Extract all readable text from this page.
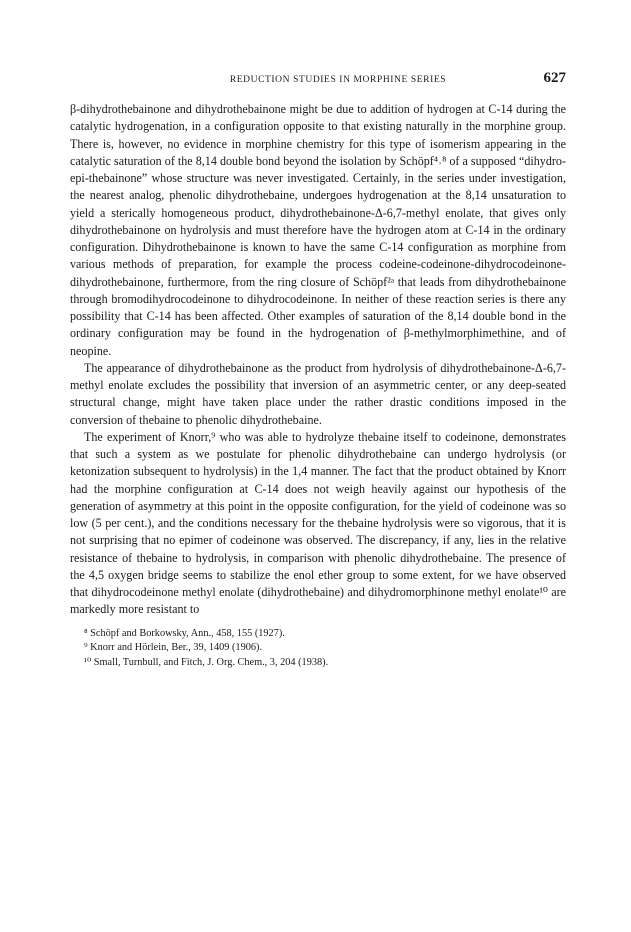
REDUCTION STUDIES IN MORPHINE SERIES	627

β-dihydrothebainone and dihydrothebainone might be due to addition of hydrogen at C-14 during the catalytic hydrogenation, in a configuration opposite to that existing naturally in the morphine group. There is, however, no evidence in morphine chemistry for this type of isomerism appearing in the catalytic saturation of the 8,14 double bond beyond the isolation by Schöpf⁴˒⁸ of a supposed “dihydro-epi-thebainone” whose structure was never investigated. Certainly, in the series under investigation, the nearest analog, phenolic dihydrothebaine, undergoes hydrogenation at the 8,14 unsaturation to yield a sterically homogeneous product, dihydrothebainone-Δ-6,7-methyl enolate, that gives only dihydrothebainone on hydrolysis and must therefore have the hydrogen atom at C-14 in the ordinary configuration. Dihydrothebainone is known to have the same C-14 configuration as morphine from various methods of preparation, for example the process codeine-codeinone-dihydrocodeinone-dihydrothebainone, furthermore, from the ring closure of Schöpf²ᵃ that leads from dihydrothebainone through bromodihydrocodeinone to dihydrocodeinone. In neither of these reaction series is there any possibility that C-14 has been affected. Other examples of saturation of the 8,14 double bond in the ordinary configuration may be found in the hydrogenation of β-methylmorphimethine, and of neopine.

The appearance of dihydrothebainone as the product from hydrolysis of dihydrothebainone-Δ-6,7-methyl enolate excludes the possibility that inversion of an asymmetric center, or any deep-seated structural change, might have taken place under the rather drastic conditions imposed in the conversion of thebaine to phenolic dihydrothebaine.

The experiment of Knorr,⁹ who was able to hydrolyze thebaine itself to codeinone, demonstrates that such a system as we postulate for phenolic dihydrothebaine can undergo hydrolysis (or ketonization subsequent to hydrolysis) in the 1,4 manner. The fact that the product obtained by Knorr had the morphine configuration at C-14 does not weigh heavily against our hypothesis of the generation of asymmetry at this point in the opposite configuration, for the yield of codeinone was so low (5 per cent.), and the conditions necessary for the thebaine hydrolysis were so vigorous, that it is not surprising that no epimer of codeinone was observed. The discrepancy, if any, lies in the relative resistance of thebaine to hydrolysis, in comparison with phenolic dihydrothebaine. The presence of the 4,5 oxygen bridge seems to stabilize the enol ether group to some extent, for we have observed that dihydrocodeinone methyl enolate (dihydrothebaine) and dihydromorphinone methyl enolate¹⁰ are markedly more resistant to

⁸ Schöpf and Borkowsky, Ann., 458, 155 (1927).

⁹ Knorr and Hörlein, Ber., 39, 1409 (1906).

¹⁰ Small, Turnbull, and Fitch, J. Org. Chem., 3, 204 (1938).
